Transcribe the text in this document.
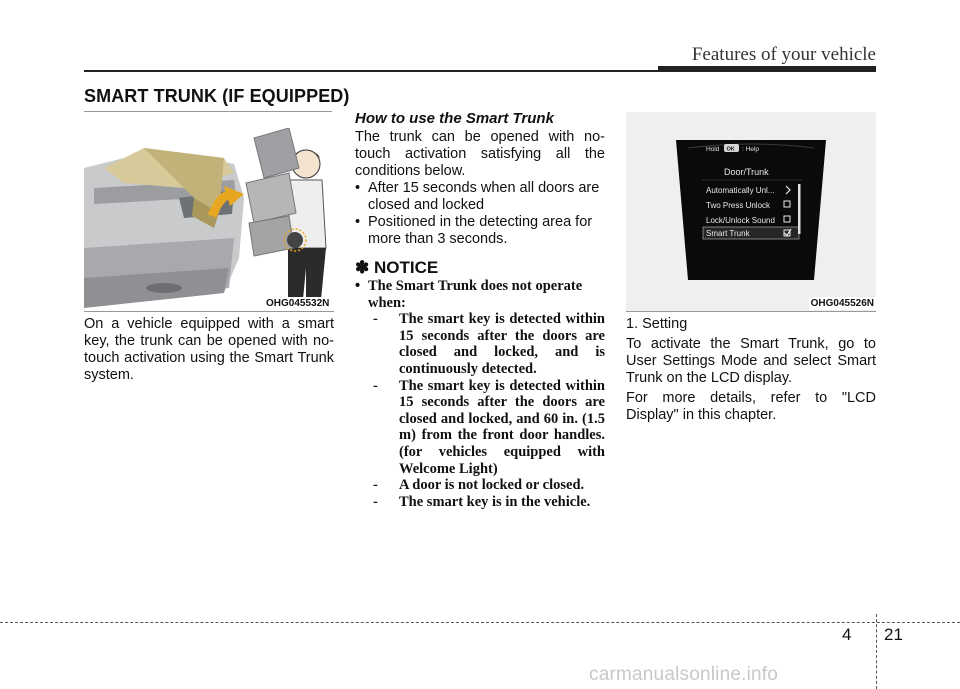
Features of your vehicle
SMART TRUNK (IF EQUIPPED)
OHG045532N
On a vehicle equipped with a smart key, the trunk can be opened with no-touch activation using the Smart Trunk system.
How to use the Smart Trunk
The trunk can be opened with no-touch activation satisfying all the conditions below.
• After 15 seconds when all doors are closed and locked
• Positioned in the detecting area for more than 3 seconds.
✽ NOTICE
• The Smart Trunk does not operate when:
- The smart key is detected within 15 seconds after the doors are closed and locked, and is continuously detected.
- The smart key is detected within 15 seconds after the doors are closed and locked, and 60 in. (1.5 m) from the front door handles. (for vehicles equipped with Welcome Light)
- A door is not locked or closed.
- The smart key is in the vehicle.
Hold OK : Help
Door/Trunk
Automatically Unl...
Two Press Unlock
Lock/Unlock Sound
Smart Trunk
OHG045526N

1. Setting

To activate the Smart Trunk, go to User Settings Mode and select Smart Trunk on the LCD display.

For more details, refer to "LCD Display" in this chapter.

4 21
carmanualsonline.info
